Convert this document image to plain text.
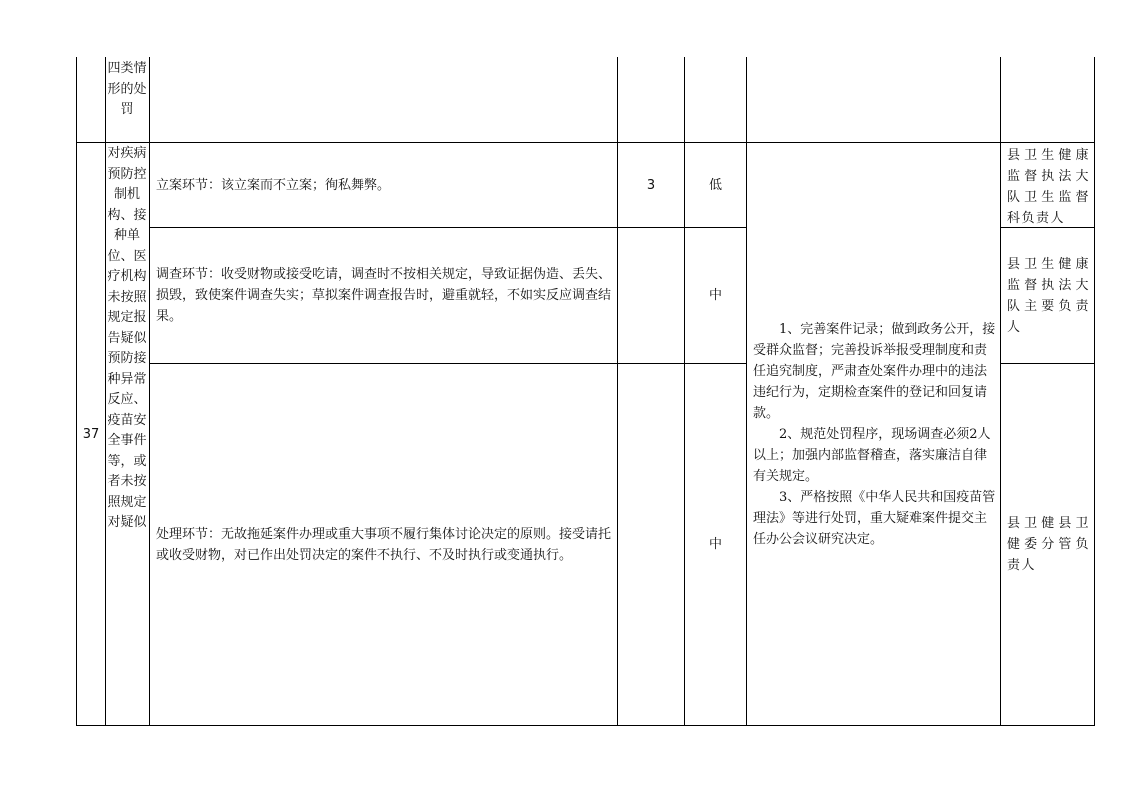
四类情形的处罚
37
对疾病预防控制机构、接种单位、医疗机构未按照规定报告疑似预防接种异常反应、疫苗安全事件等，或者未按照规定对疑似
立案环节：该立案而不立案；徇私舞弊。	3	低
县卫生健康监督执法大队卫生监督科负责人
调查环节：收受财物或接受吃请，调查时不按相关规定，导致证据伪造、丢失、损毁，致使案件调查失实；草拟案件调查报告时，避重就轻，不如实反应调查结果。
中
县卫生健康监督执法大队主要负责人
处理环节：无故拖延案件办理或重大事项不履行集体讨论决定的原则。接受请托或收受财物，对已作出处罚决定的案件不执行、不及时执行或变通执行。
中
县卫健县卫健委分管负责人

1、完善案件记录；做到政务公开，接受群众监督；完善投诉举报受理制度和责任追究制度，严肃查处案件办理中的违法违纪行为，定期检查案件的登记和回复请款。

2、规范处罚程序，现场调查必须2人以上；加强内部监督稽查，落实廉洁自律有关规定。

3、严格按照《中华人民共和国疫苗管理法》等进行处罚，重大疑难案件提交主任办公会议研究决定。
